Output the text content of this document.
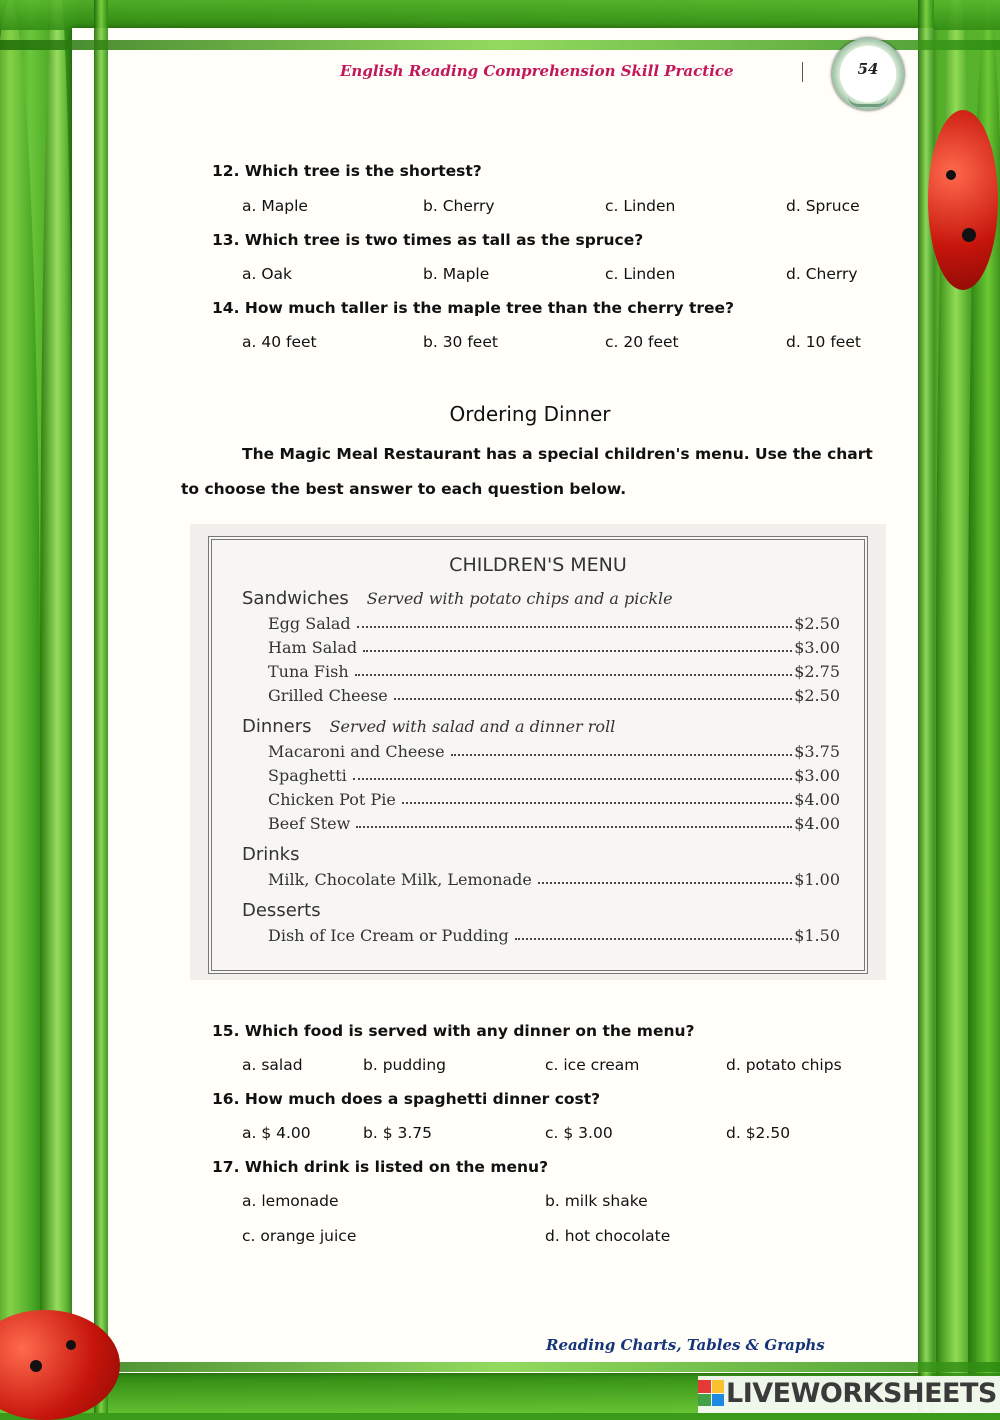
English Reading Comprehension Skill Practice	54
12. Which tree is the shortest?
a. Maple	b. Cherry	c. Linden	d. Spruce
13. Which tree is two times as tall as the spruce?
a. Oak	b. Maple	c. Linden	d. Cherry
14. How much taller is the maple tree than the cherry tree?
a. 40 feet	b. 30 feet	c. 20 feet	d. 10 feet
Ordering Dinner
The Magic Meal Restaurant has a special children's menu. Use the chart
to choose the best answer to each question below.
CHILDREN'S MENU
Sandwiches Served with potato chips and a pickle
Egg Salad	$2.50
Ham Salad	$3.00
Tuna Fish	$2.75
Grilled Cheese	$2.50
Dinners Served with salad and a dinner roll
Macaroni and Cheese	$3.75
Spaghetti	$3.00
Chicken Pot Pie	$4.00
Beef Stew	$4.00
Drinks
Milk, Chocolate Milk, Lemonade	$1.00
Desserts
Dish of Ice Cream or Pudding	$1.50
15. Which food is served with any dinner on the menu?
a. salad	b. pudding	c. ice cream	d. potato chips
16. How much does a spaghetti dinner cost?
a. $ 4.00	b. $ 3.75	c. $ 3.00	d. $2.50
17. Which drink is listed on the menu?
a. lemonade	b. milk shake
c. orange juice	d. hot chocolate
Reading Charts, Tables & Graphs
LIVEWORKSHEETS
